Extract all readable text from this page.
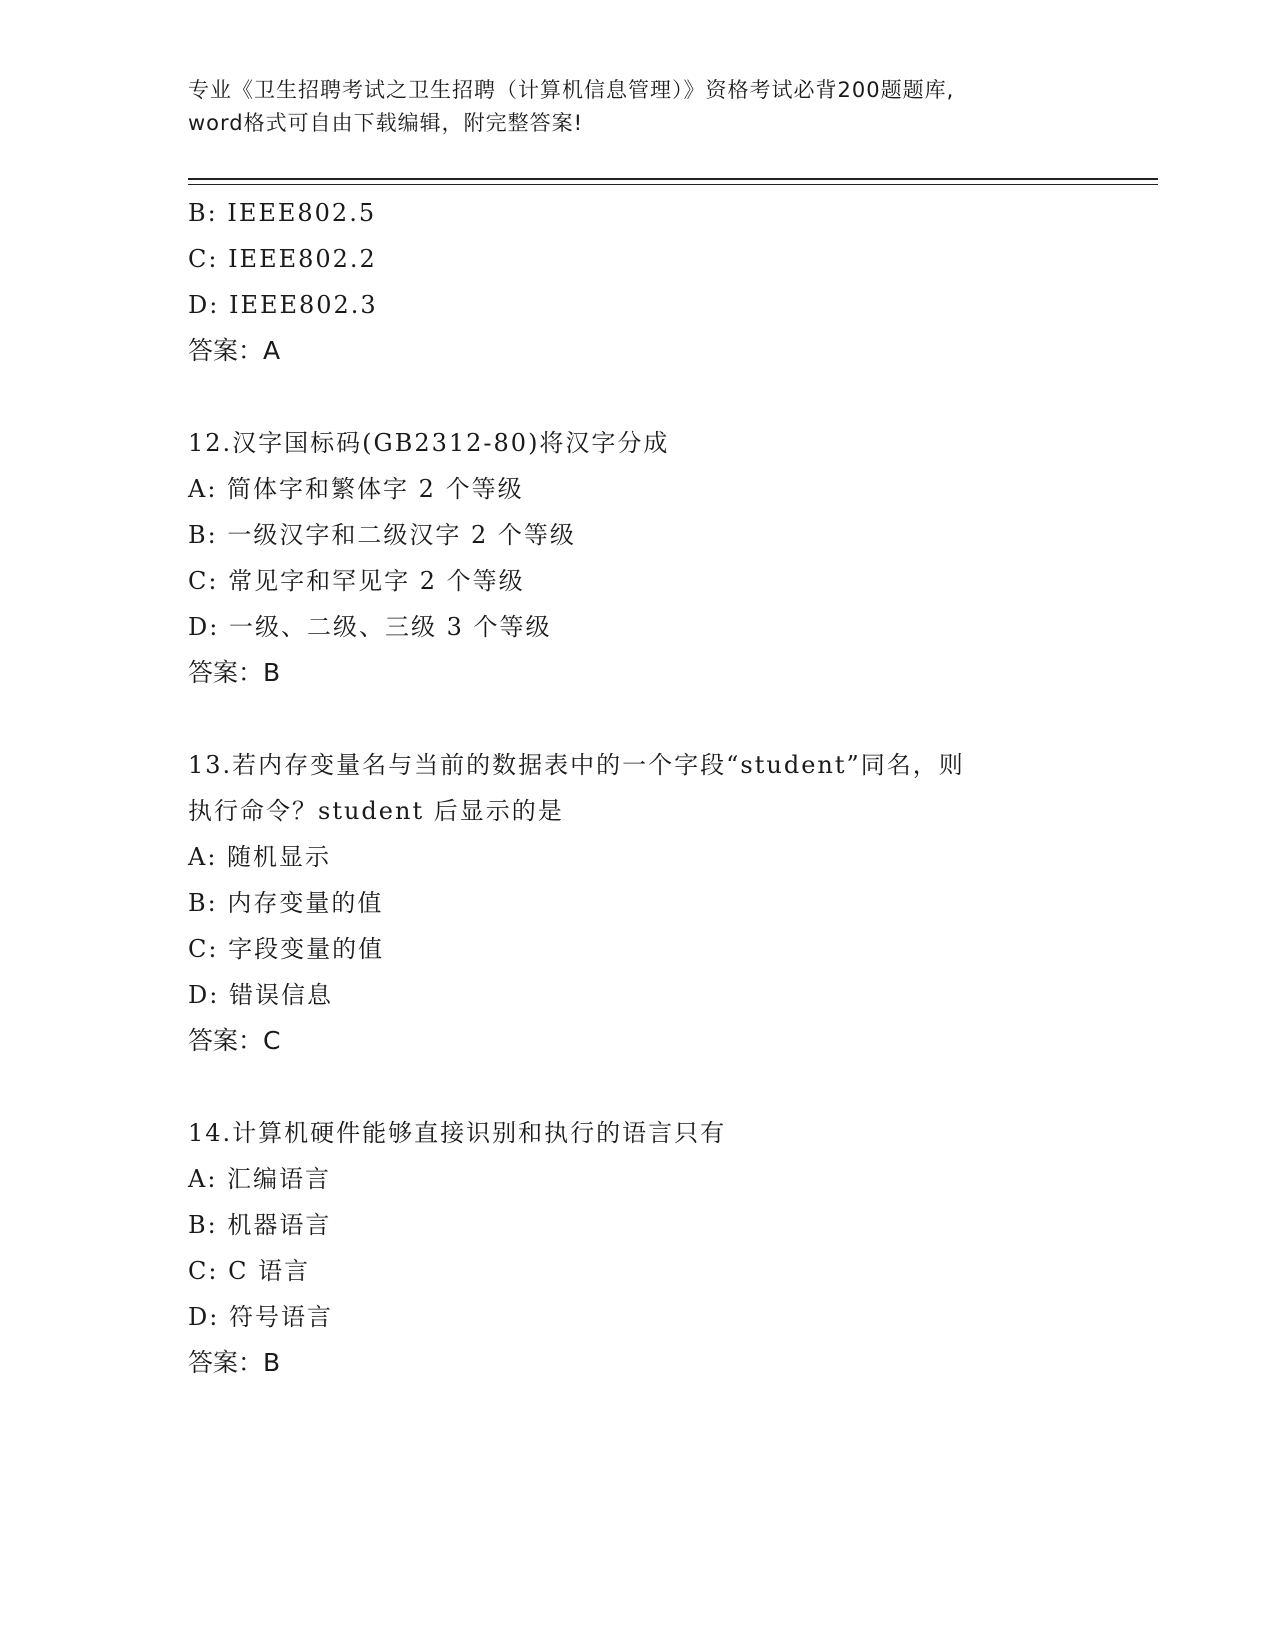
专业《卫生招聘考试之卫生招聘（计算机信息管理）》资格考试必背200题题库,
word格式可自由下载编辑，附完整答案!
B: IEEE802.5
C: IEEE802.2
D: IEEE802.3
答案：A
12.汉字国标码(GB2312-80)将汉字分成
A: 简体字和繁体字 2 个等级
B: 一级汉字和二级汉字 2 个等级
C: 常见字和罕见字 2 个等级
D: 一级、二级、三级 3 个等级
答案：B
13.若内存变量名与当前的数据表中的一个字段“student”同名，则
执行命令？student 后显示的是
A: 随机显示
B: 内存变量的值
C: 字段变量的值
D: 错误信息
答案：C
14.计算机硬件能够直接识别和执行的语言只有
A: 汇编语言
B: 机器语言
C: C 语言
D: 符号语言
答案：B
